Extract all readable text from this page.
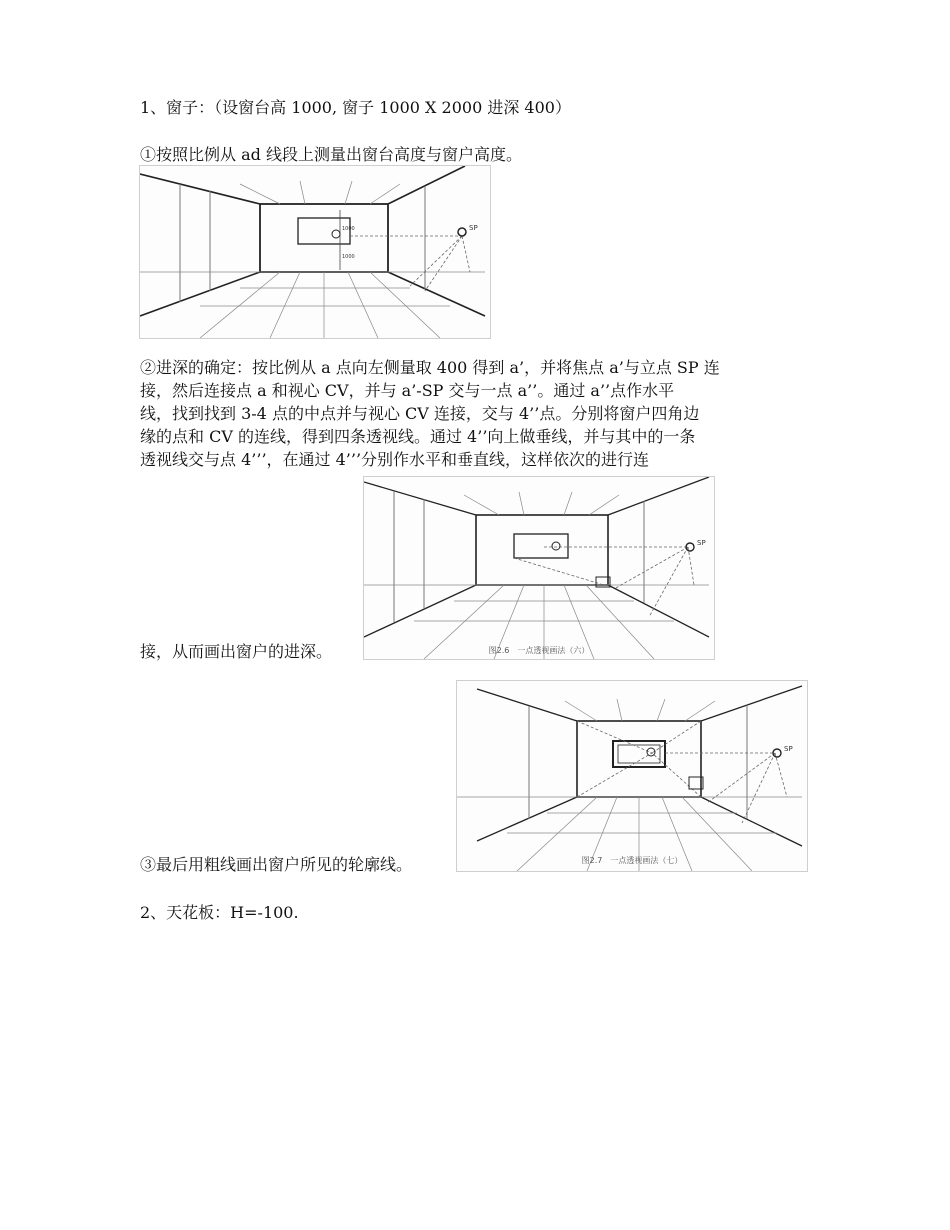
1、窗子：（设窗台高 1000, 窗子 1000 X 2000 进深 400）
①按照比例从 ad 线段上测量出窗台高度与窗户高度。
SP
1000
1000
②进深的确定：按比例从 a 点向左侧量取 400 得到 a’，并将焦点 a’与立点 SP 连
接，然后连接点 a 和视心 CV，并与 a’-SP 交与一点 a’’。通过 a’’点作水平
线，找到找到 3-4 点的中点并与视心 CV 连接，交与 4’’点。分别将窗户四角边
缘的点和 CV 的连线，得到四条透视线。通过 4’’向上做垂线，并与其中的一条
透视线交与点 4’’’，在通过 4’’’分别作水平和垂直线，这样依次的进行连
SP
图2.6　一点透视画法（六）
接，从而画出窗户的进深。
SP
图2.7　一点透视画法（七）
③最后用粗线画出窗户所见的轮廓线。
2、天花板：H=-100.
